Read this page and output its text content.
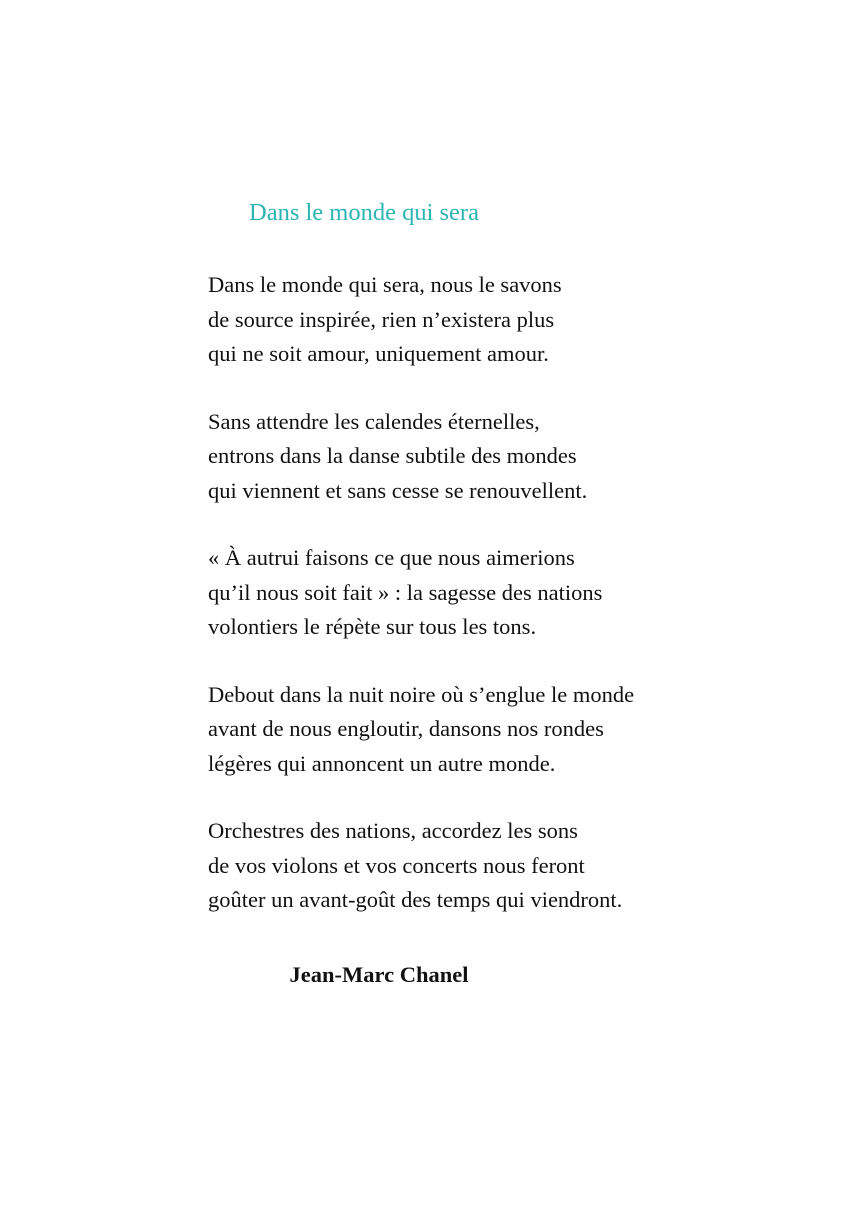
Dans le monde qui sera

Dans le monde qui sera, nous le savons
de source inspirée, rien n’existera plus
qui ne soit amour, uniquement amour.

Sans attendre les calendes éternelles,
entrons dans la danse subtile des mondes
qui viennent et sans cesse se renouvellent.

« À autrui faisons ce que nous aimerions
qu’il nous soit fait » : la sagesse des nations
volontiers le répète sur tous les tons.

Debout dans la nuit noire où s’englue le monde
avant de nous engloutir, dansons nos rondes
légères qui annoncent un autre monde.

Orchestres des nations, accordez les sons
de vos violons et vos concerts nous feront
goûter un avant-goût des temps qui viendront.

Jean-Marc Chanel
